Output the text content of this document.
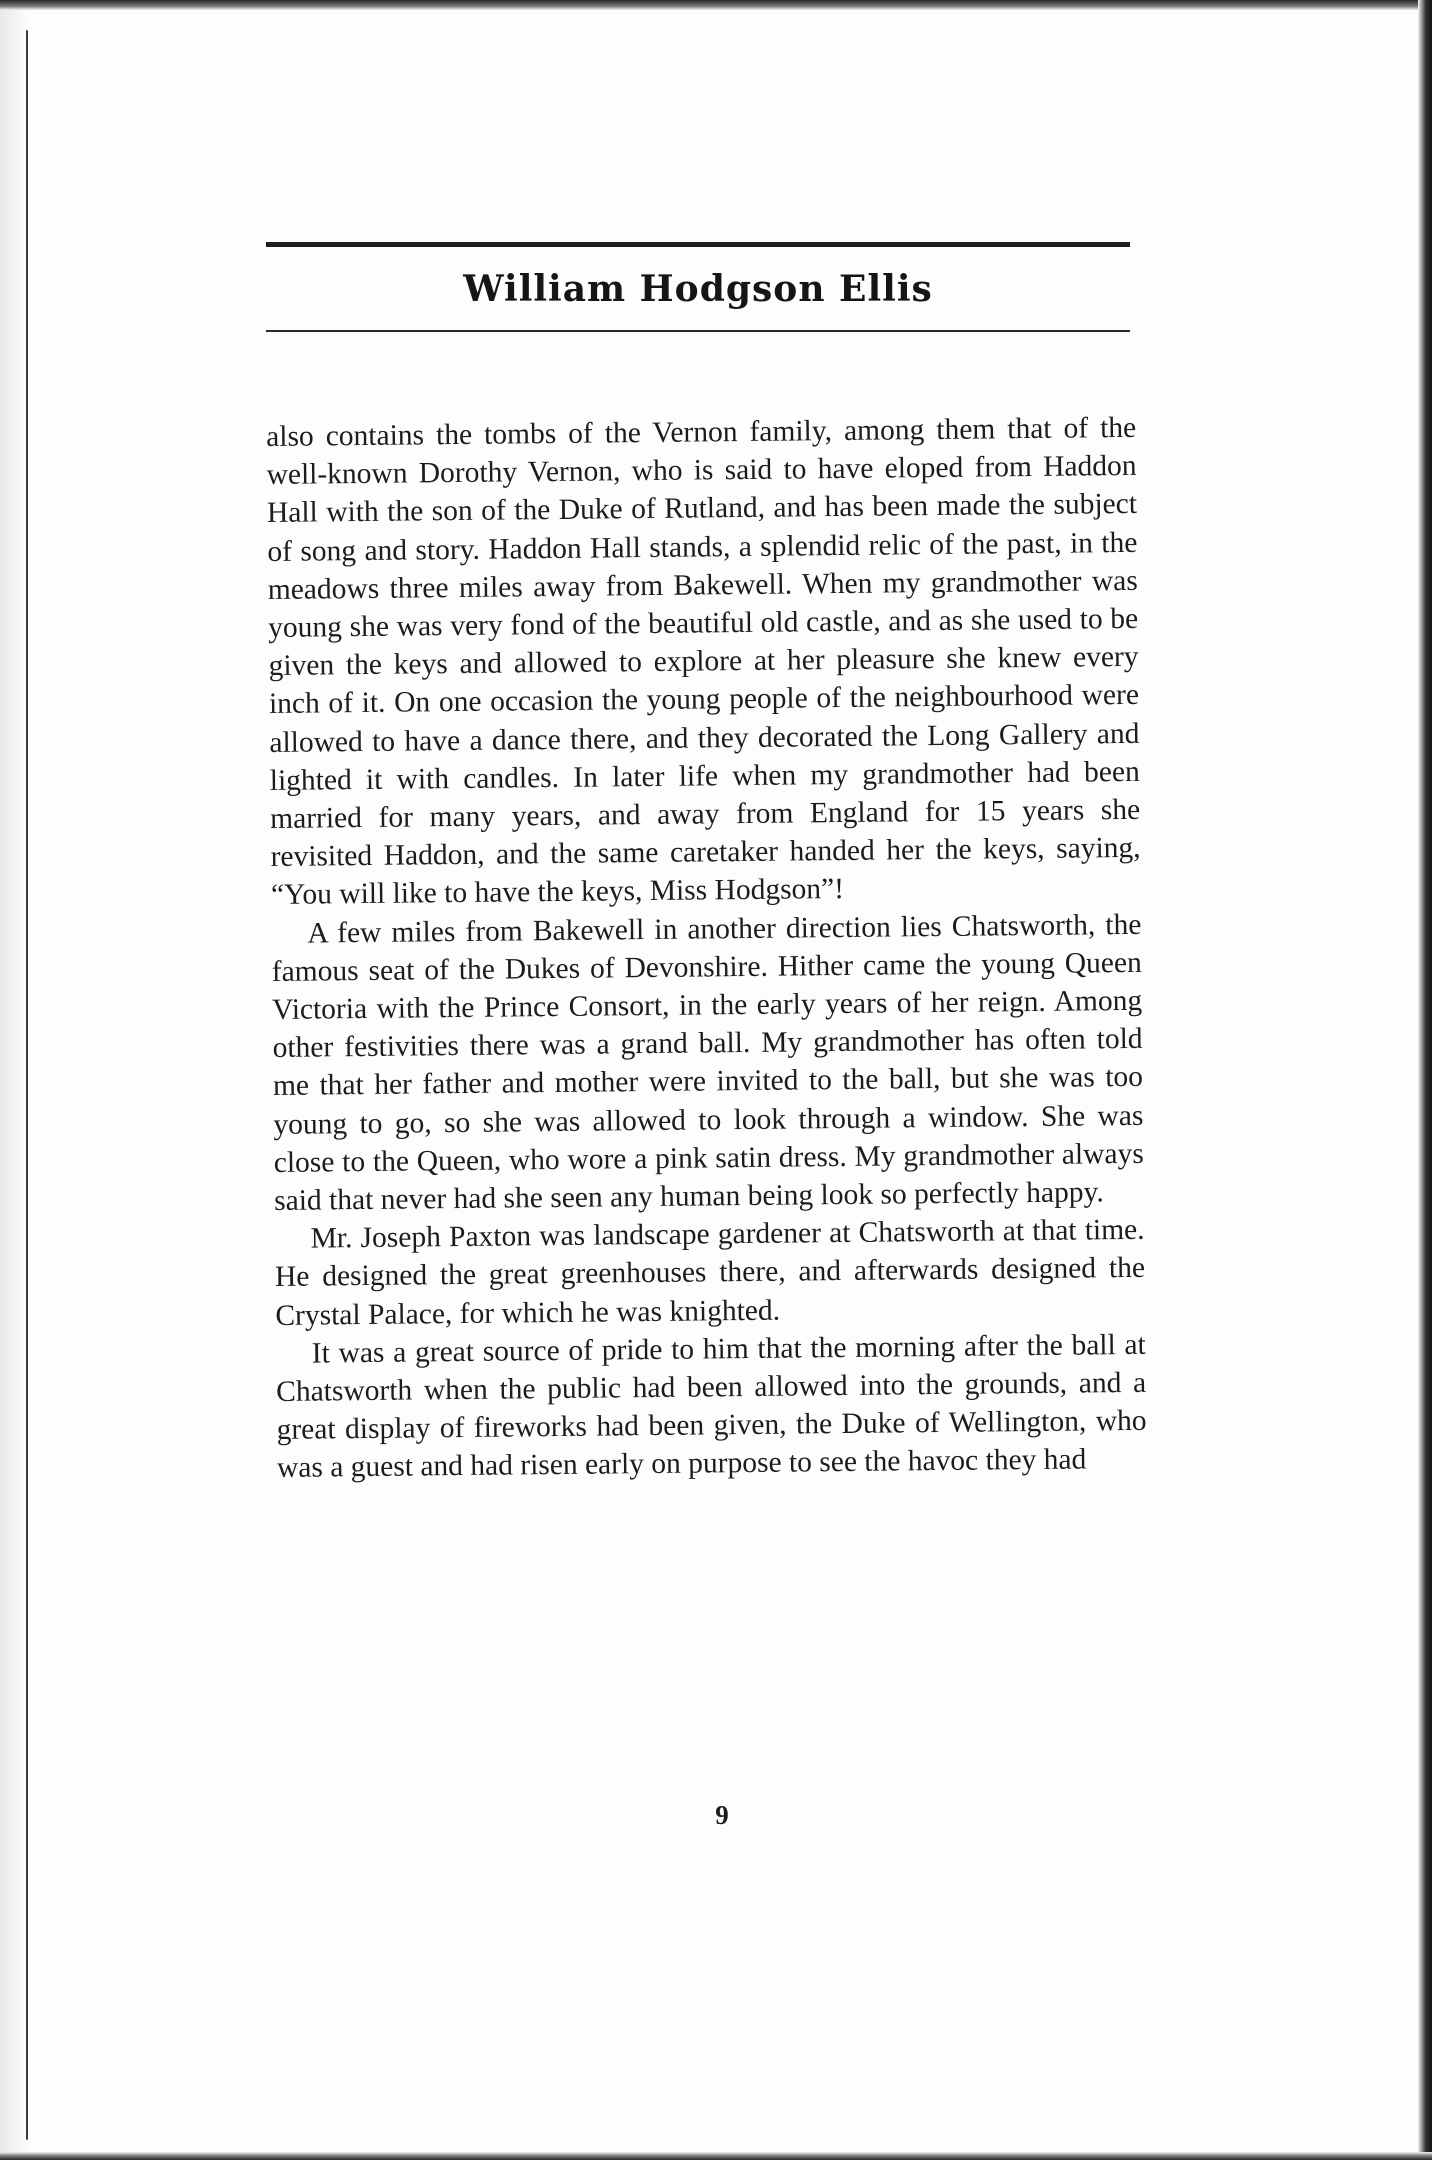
William Hodgson Ellis

also contains the tombs of the Vernon family, among them that of the well-known Dorothy Vernon, who is said to have eloped from Haddon Hall with the son of the Duke of Rutland, and has been made the subject of song and story. Haddon Hall stands, a splendid relic of the past, in the meadows three miles away from Bakewell. When my grandmother was young she was very fond of the beautiful old castle, and as she used to be given the keys and allowed to explore at her pleasure she knew every inch of it. On one occasion the young people of the neighbourhood were allowed to have a dance there, and they decorated the Long Gallery and lighted it with candles. In later life when my grandmother had been married for many years, and away from England for 15 years she revisited Haddon, and the same caretaker handed her the keys, saying, “You will like to have the keys, Miss Hodgson”!

A few miles from Bakewell in another direction lies Chatsworth, the famous seat of the Dukes of Devonshire. Hither came the young Queen Victoria with the Prince Consort, in the early years of her reign. Among other festivities there was a grand ball. My grandmother has often told me that her father and mother were invited to the ball, but she was too young to go, so she was allowed to look through a window. She was close to the Queen, who wore a pink satin dress. My grandmother always said that never had she seen any human being look so perfectly happy.

Mr. Joseph Paxton was landscape gardener at Chatsworth at that time. He designed the great greenhouses there, and afterwards designed the Crystal Palace, for which he was knighted.

It was a great source of pride to him that the morning after the ball at Chatsworth when the public had been allowed into the grounds, and a great display of fireworks had been given, the Duke of Wellington, who was a guest and had risen early on purpose to see the havoc they had

9
